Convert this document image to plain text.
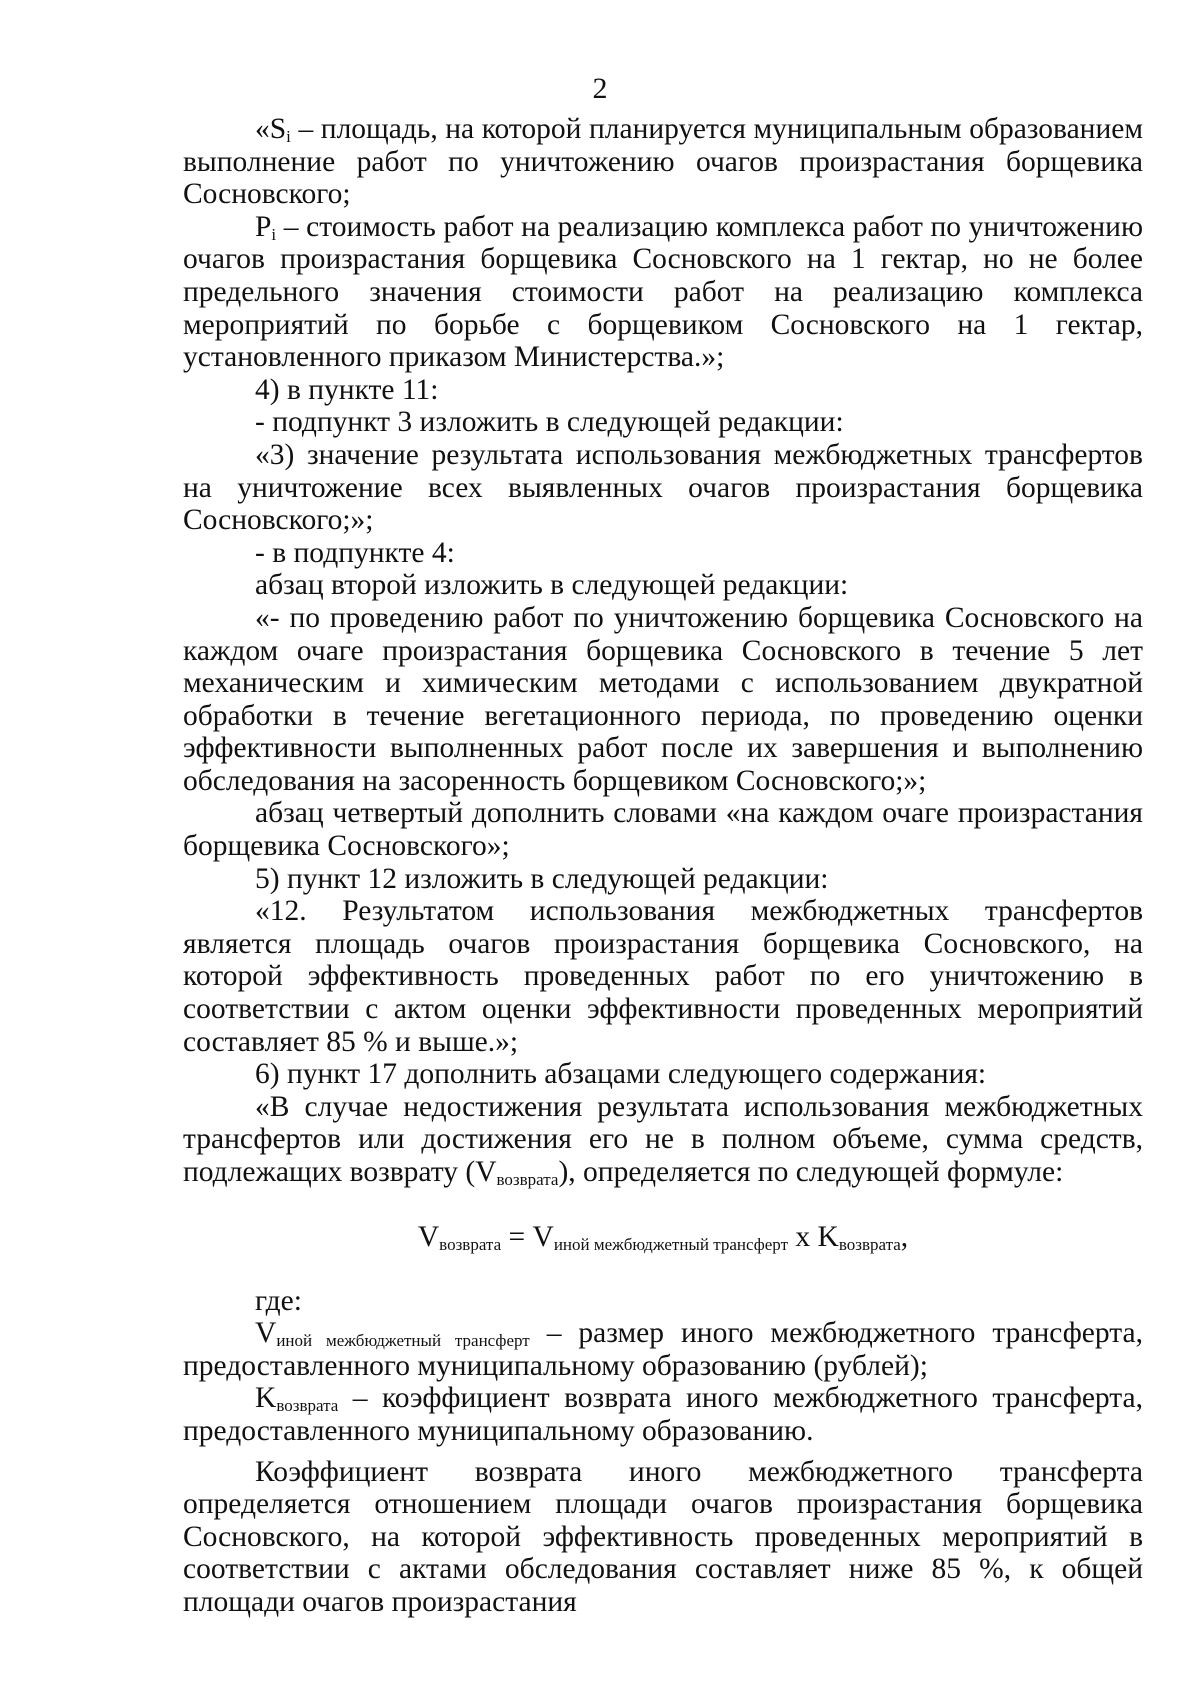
2

«$S_i$ – площадь, на которой планируется муниципальным образованием выполнение работ по уничтожению очагов произрастания борщевика Сосновского;

$P_i$ – стоимость работ на реализацию комплекса работ по уничтожению очагов произрастания борщевика Сосновского на 1 гектар, но не более предельного значения стоимости работ на реализацию комплекса мероприятий по борьбе с борщевиком Сосновского на 1 гектар, установленного приказом Министерства.»;

4) в пункте 11:

- подпункт 3 изложить в следующей редакции:

«3) значение результата использования межбюджетных трансфертов на уничтожение всех выявленных очагов произрастания борщевика Сосновского;»;

- в подпункте 4:

абзац второй изложить в следующей редакции:

«- по проведению работ по уничтожению борщевика Сосновского на каждом очаге произрастания борщевика Сосновского в течение 5 лет механическим и химическим методами с использованием двукратной обработки в течение вегетационного периода, по проведению оценки эффективности выполненных работ после их завершения и выполнению обследования на засоренность борщевиком Сосновского;»;

абзац четвертый дополнить словами «на каждом очаге произрастания борщевика Сосновского»;

5) пункт 12 изложить в следующей редакции:

«12. Результатом использования межбюджетных трансфертов является площадь очагов произрастания борщевика Сосновского, на которой эффективность проведенных работ по его уничтожению в соответствии с актом оценки эффективности проведенных мероприятий составляет 85 % и выше.»;

6) пункт 17 дополнить абзацами следующего содержания:

«В случае недостижения результата использования межбюджетных трансфертов или достижения его не в полном объеме, сумма средств, подлежащих возврату $(V_{возврата})$, определяется по следующей формуле:

$V_{возврата} = V_{иной межбюджетный трансферт}$ x $K_{возврата}$,

где:

$V_{иной межбюджетный трансферт}$ – размер иного межбюджетного трансферта, предоставленного муниципальному образованию (рублей);

$K_{возврата}$ – коэффициент возврата иного межбюджетного трансферта, предоставленного муниципальному образованию.

Коэффициент возврата иного межбюджетного трансферта определяется отношением площади очагов произрастания борщевика Сосновского, на которой эффективность проведенных мероприятий в соответствии с актами обследования составляет ниже 85 %, к общей площади очагов произрастания
